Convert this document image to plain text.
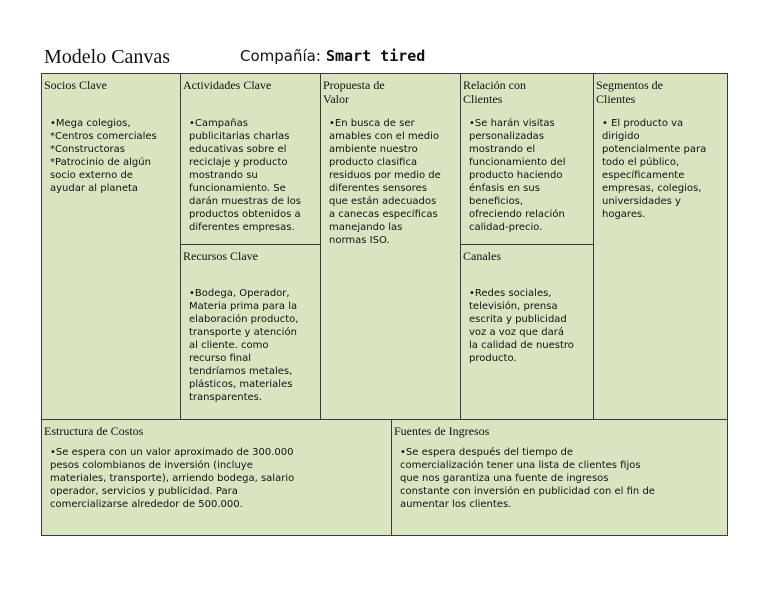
Modelo Canvas	Compañía: Smart tired
Socios Clave
•Mega colegios,
*Centros comerciales
*Constructoras
*Patrocinio de algún
socio externo de
ayudar al planeta
Actividades Clave
•Campañas
publicitarias charlas
educativas sobre el
reciclaje y producto
mostrando su
funcionamiento. Se
darán muestras de los
productos obtenidos a
diferentes empresas.
Recursos Clave
•Bodega, Operador,
Materia prima para la
elaboración producto,
transporte y atención
al cliente. como
recurso final
tendríamos metales,
plásticos, materiales
transparentes.
Propuesta de
Valor
•En busca de ser
amables con el medio
ambiente nuestro
producto clasifica
residuos por medio de
diferentes sensores
que están adecuados
a canecas específicas
manejando las
normas ISO.
Relación con
Clientes
•Se harán visitas
personalizadas
mostrando el
funcionamiento del
producto haciendo
énfasis en sus
beneficios,
ofreciendo relación
calidad-precio.
Canales
•Redes sociales,
televisión, prensa
escrita y publicidad
voz a voz que dará
la calidad de nuestro
producto.
Segmentos de
Clientes
• El producto va
dirigido
potencialmente para
todo el público,
específicamente
empresas, colegios,
universidades y
hogares.
Estructura de Costos
•Se espera con un valor aproximado de 300.000
pesos colombianos de inversión (incluye
materiales, transporte), arriendo bodega, salario
operador, servicios y publicidad. Para
comercializarse alrededor de 500.000.
Fuentes de Ingresos
•Se espera después del tiempo de
comercialización tener una lista de clientes fijos
que nos garantiza una fuente de ingresos
constante con inversión en publicidad con el fin de
aumentar los clientes.
